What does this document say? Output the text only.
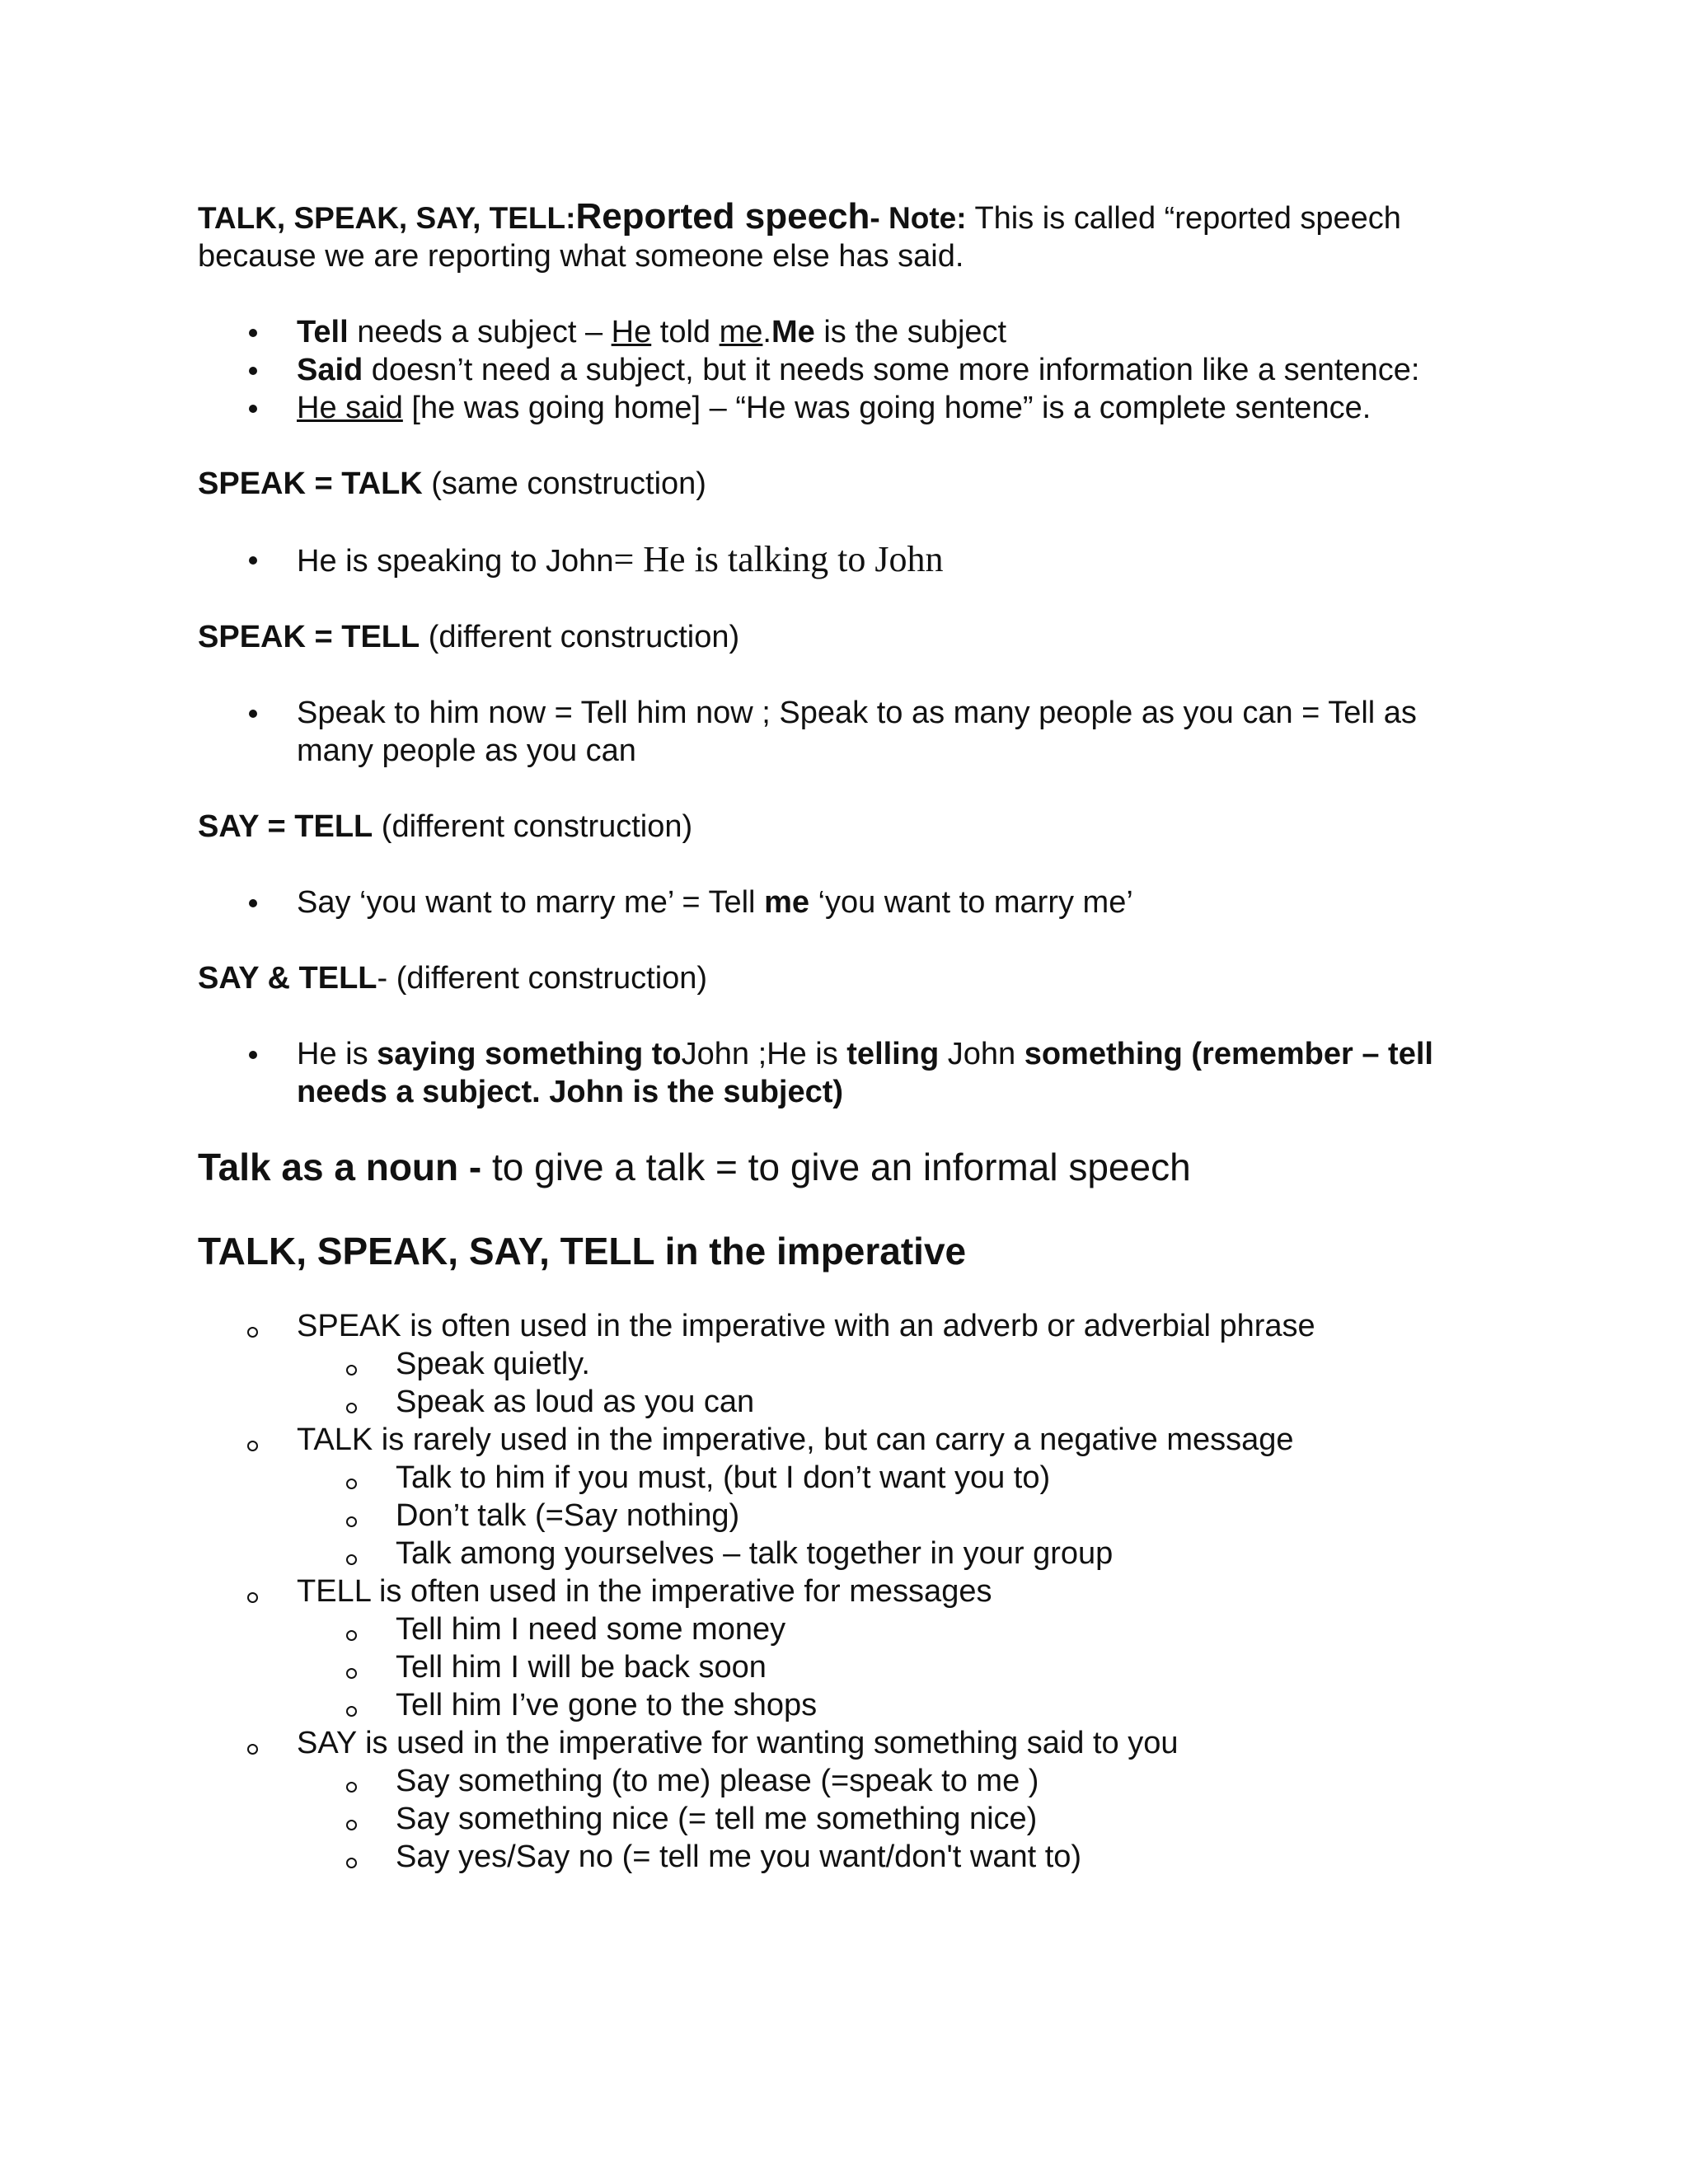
TALK, SPEAK, SAY, TELL:Reported speech- Note: This is called “reported speech because we are reporting what someone else has said.

Tell needs a subject – He told me.Me is the subject
Said doesn’t need a subject, but it needs some more information like a sentence:
He said [he was going home] – “He was going home” is a complete sentence.
SPEAK = TALK (same construction)
He is speaking to John= He is talking to John
SPEAK = TELL (different construction)
Speak to him now = Tell him now ; Speak to as many people as you can = Tell as many people as you can
SAY = TELL (different construction)
Say ‘you want to marry me’ = Tell me ‘you want to marry me’
SAY & TELL- (different construction)
He is saying something toJohn ;He is telling John something (remember – tell needs a subject. John is the subject)
Talk as a noun - to give a talk = to give an informal speech
TALK, SPEAK, SAY, TELL in the imperative
SPEAK is often used in the imperative with an adverb or adverbial phrase
Speak quietly.
Speak as loud as you can
TALK is rarely used in the imperative, but can carry a negative message
Talk to him if you must, (but I don’t want you to)
Don’t talk (=Say nothing)
Talk among yourselves – talk together in your group
TELL is often used in the imperative for messages
Tell him I need some money
Tell him I will be back soon
Tell him I’ve gone to the shops
SAY is used in the imperative for wanting something said to you
Say something (to me) please (=speak to me )
Say something nice (= tell me something nice)
Say yes/Say no (= tell me you want/don't want to)
